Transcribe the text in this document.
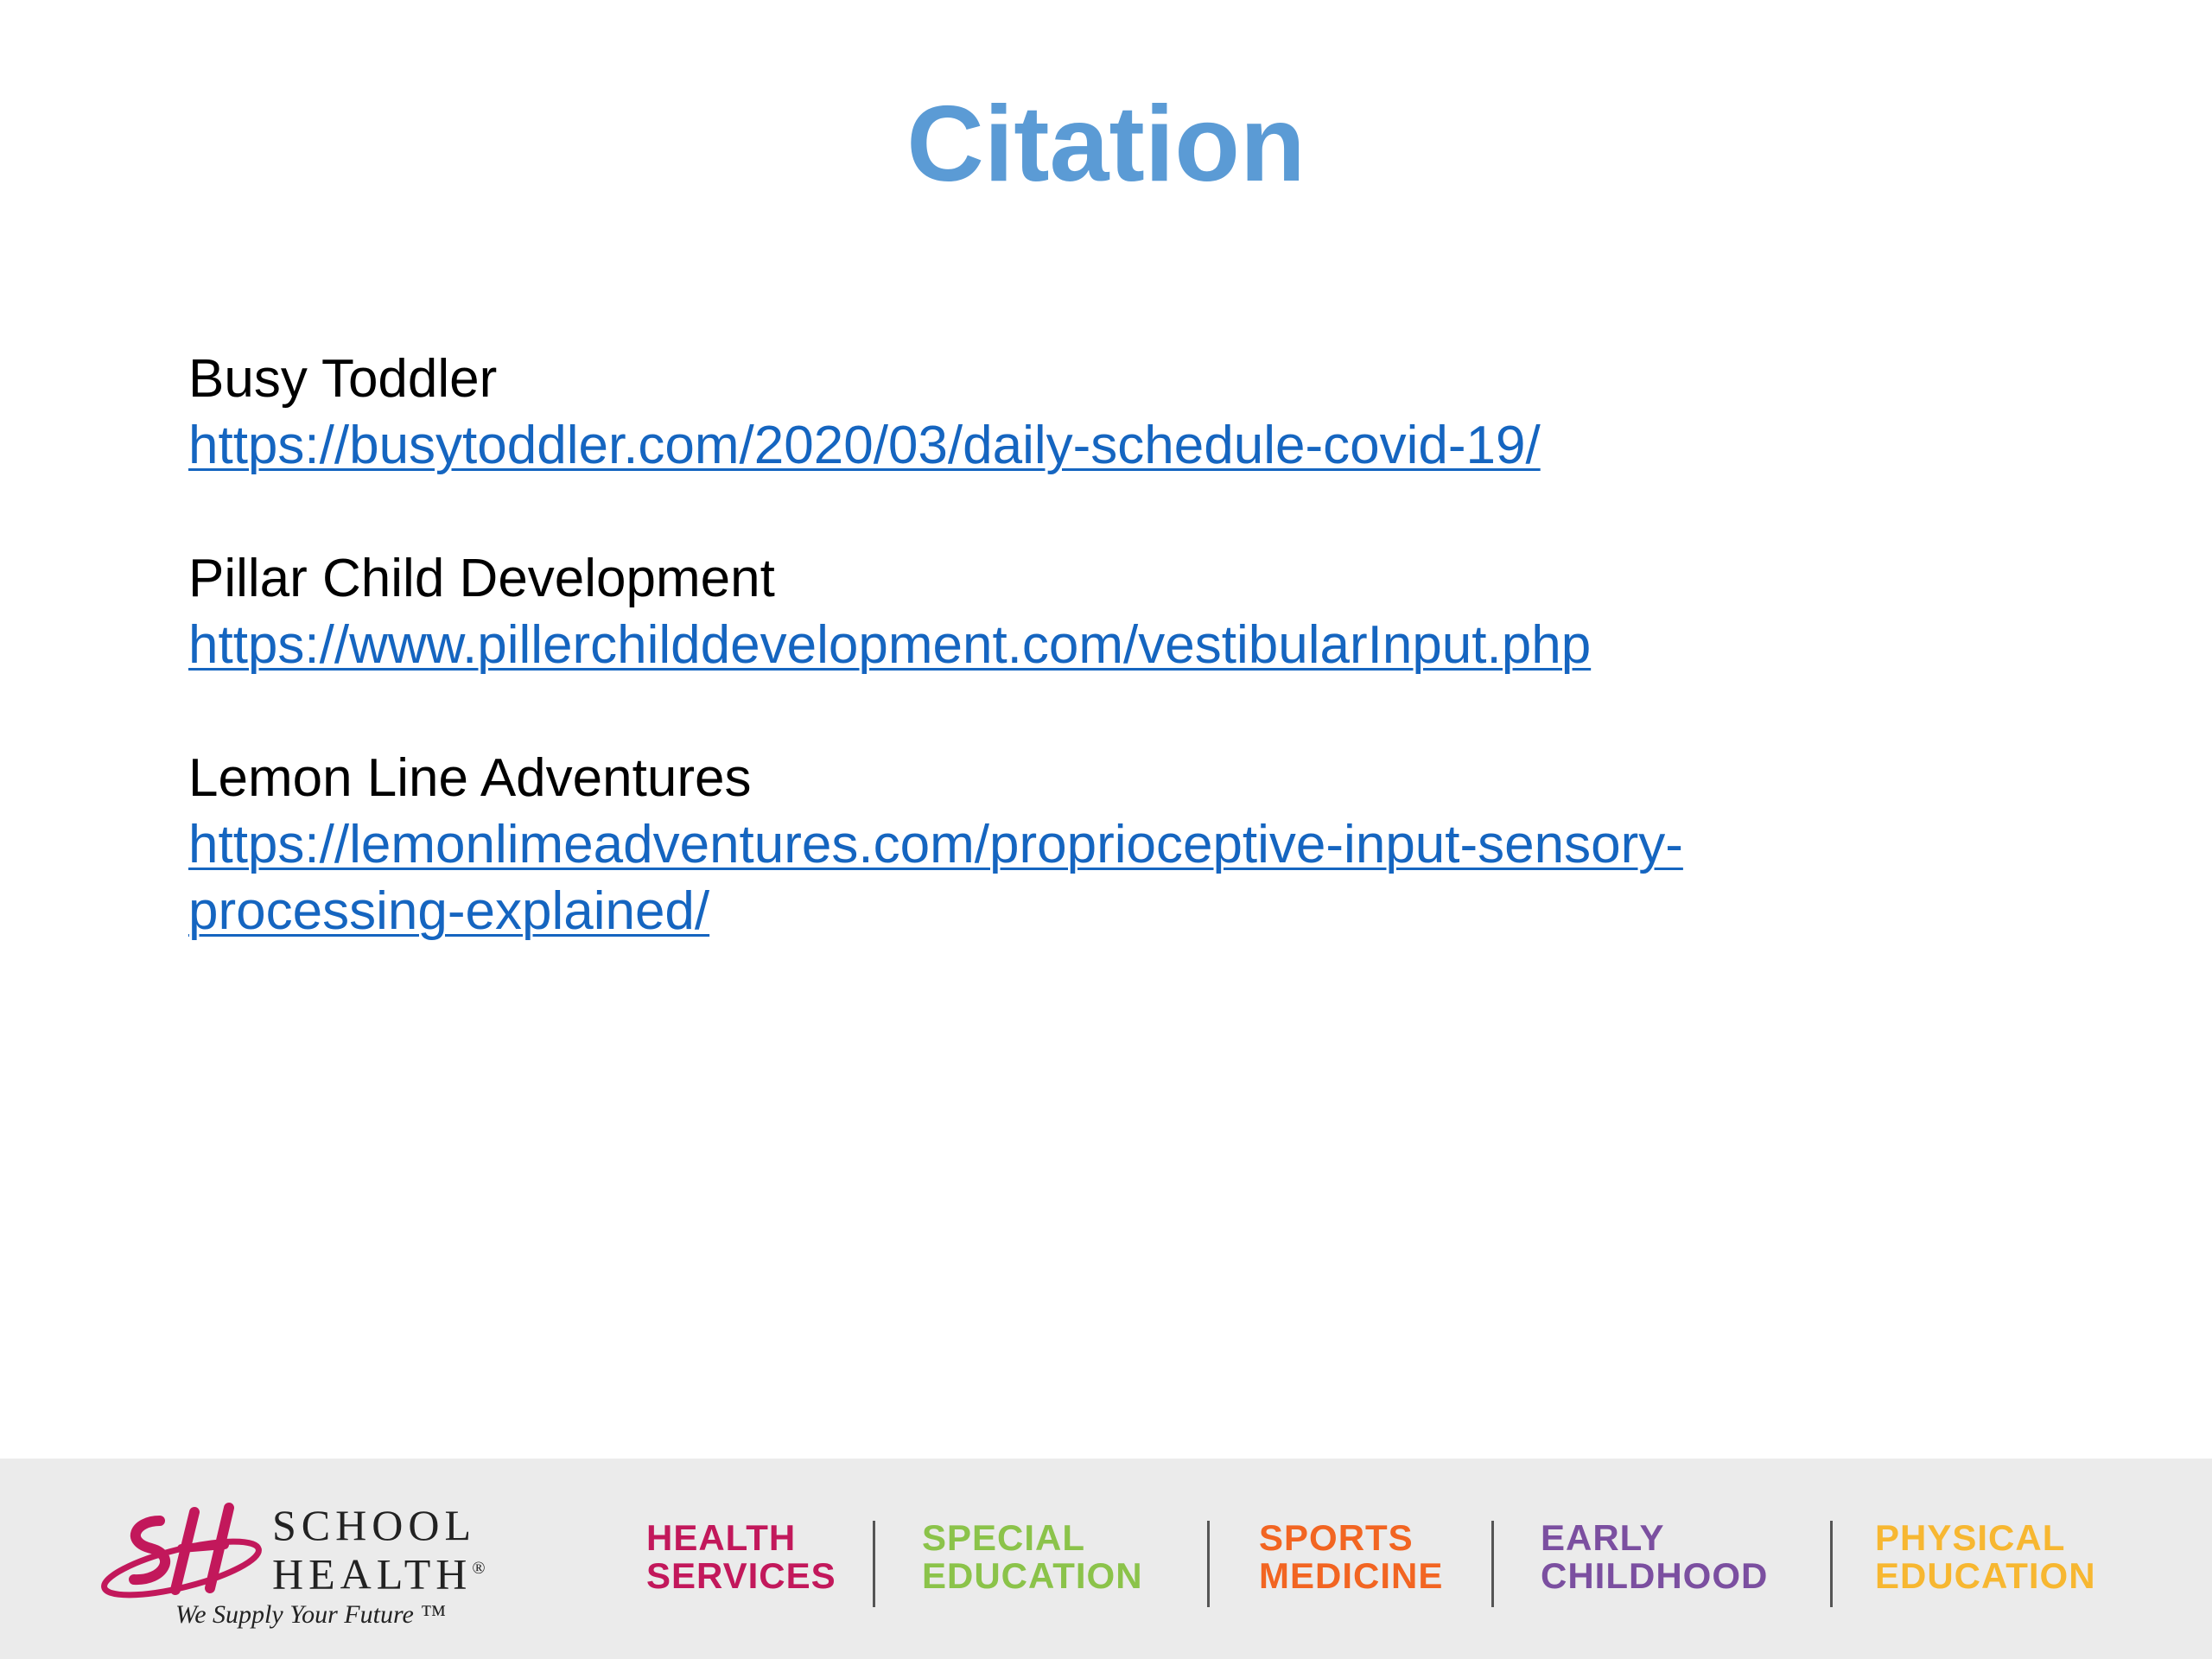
Citation
Busy Toddler
https://busytoddler.com/2020/03/daily-schedule-covid-19/
Pillar Child Development
https://www.pillerchilddevelopment.com/vestibularInput.php
Lemon Line Adventures
https://lemonlimeadventures.com/proprioceptive-input-sensory-
processing-explained/
SCHOOL
HEALTH®
We Supply Your Future ™
HEALTH
SERVICES
SPECIAL
EDUCATION
SPORTS
MEDICINE
EARLY
CHILDHOOD
PHYSICAL
EDUCATION
